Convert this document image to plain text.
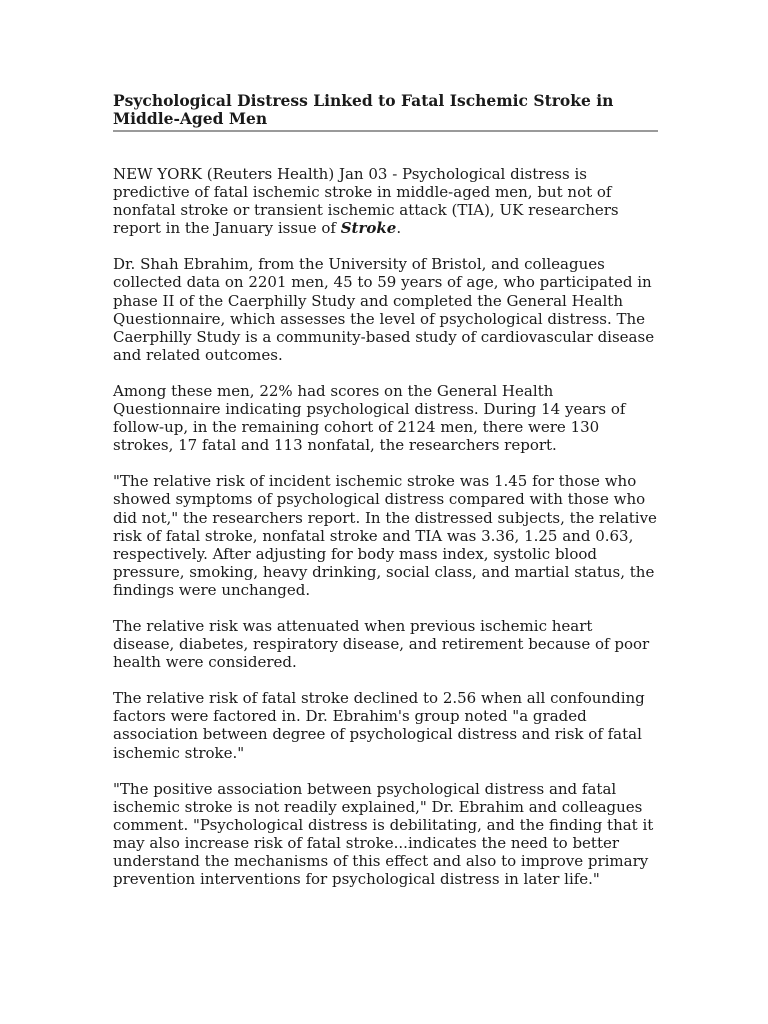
Psychological Distress Linked to Fatal Ischemic Stroke in Middle-Aged Men

NEW YORK (Reuters Health) Jan 03 - Psychological distress is predictive of fatal ischemic stroke in middle-aged men, but not of nonfatal stroke or transient ischemic attack (TIA), UK researchers report in the January issue of Stroke.

Dr. Shah Ebrahim, from the University of Bristol, and colleagues collected data on 2201 men, 45 to 59 years of age, who participated in phase II of the Caerphilly Study and completed the General Health Questionnaire, which assesses the level of psychological distress. The Caerphilly Study is a community-based study of cardiovascular disease and related outcomes.

Among these men, 22% had scores on the General Health Questionnaire indicating psychological distress. During 14 years of follow-up, in the remaining cohort of 2124 men, there were 130 strokes, 17 fatal and 113 nonfatal, the researchers report.

"The relative risk of incident ischemic stroke was 1.45 for those who showed symptoms of psychological distress compared with those who did not," the researchers report. In the distressed subjects, the relative risk of fatal stroke, nonfatal stroke and TIA was 3.36, 1.25 and 0.63, respectively. After adjusting for body mass index, systolic blood pressure, smoking, heavy drinking, social class, and martial status, the findings were unchanged.

The relative risk was attenuated when previous ischemic heart disease, diabetes, respiratory disease, and retirement because of poor health were considered.

The relative risk of fatal stroke declined to 2.56 when all confounding factors were factored in. Dr. Ebrahim's group noted "a graded association between degree of psychological distress and risk of fatal ischemic stroke."

"The positive association between psychological distress and fatal ischemic stroke is not readily explained," Dr. Ebrahim and colleagues comment. "Psychological distress is debilitating, and the finding that it may also increase risk of fatal stroke...indicates the need to better understand the mechanisms of this effect and also to improve primary prevention interventions for psychological distress in later life."
